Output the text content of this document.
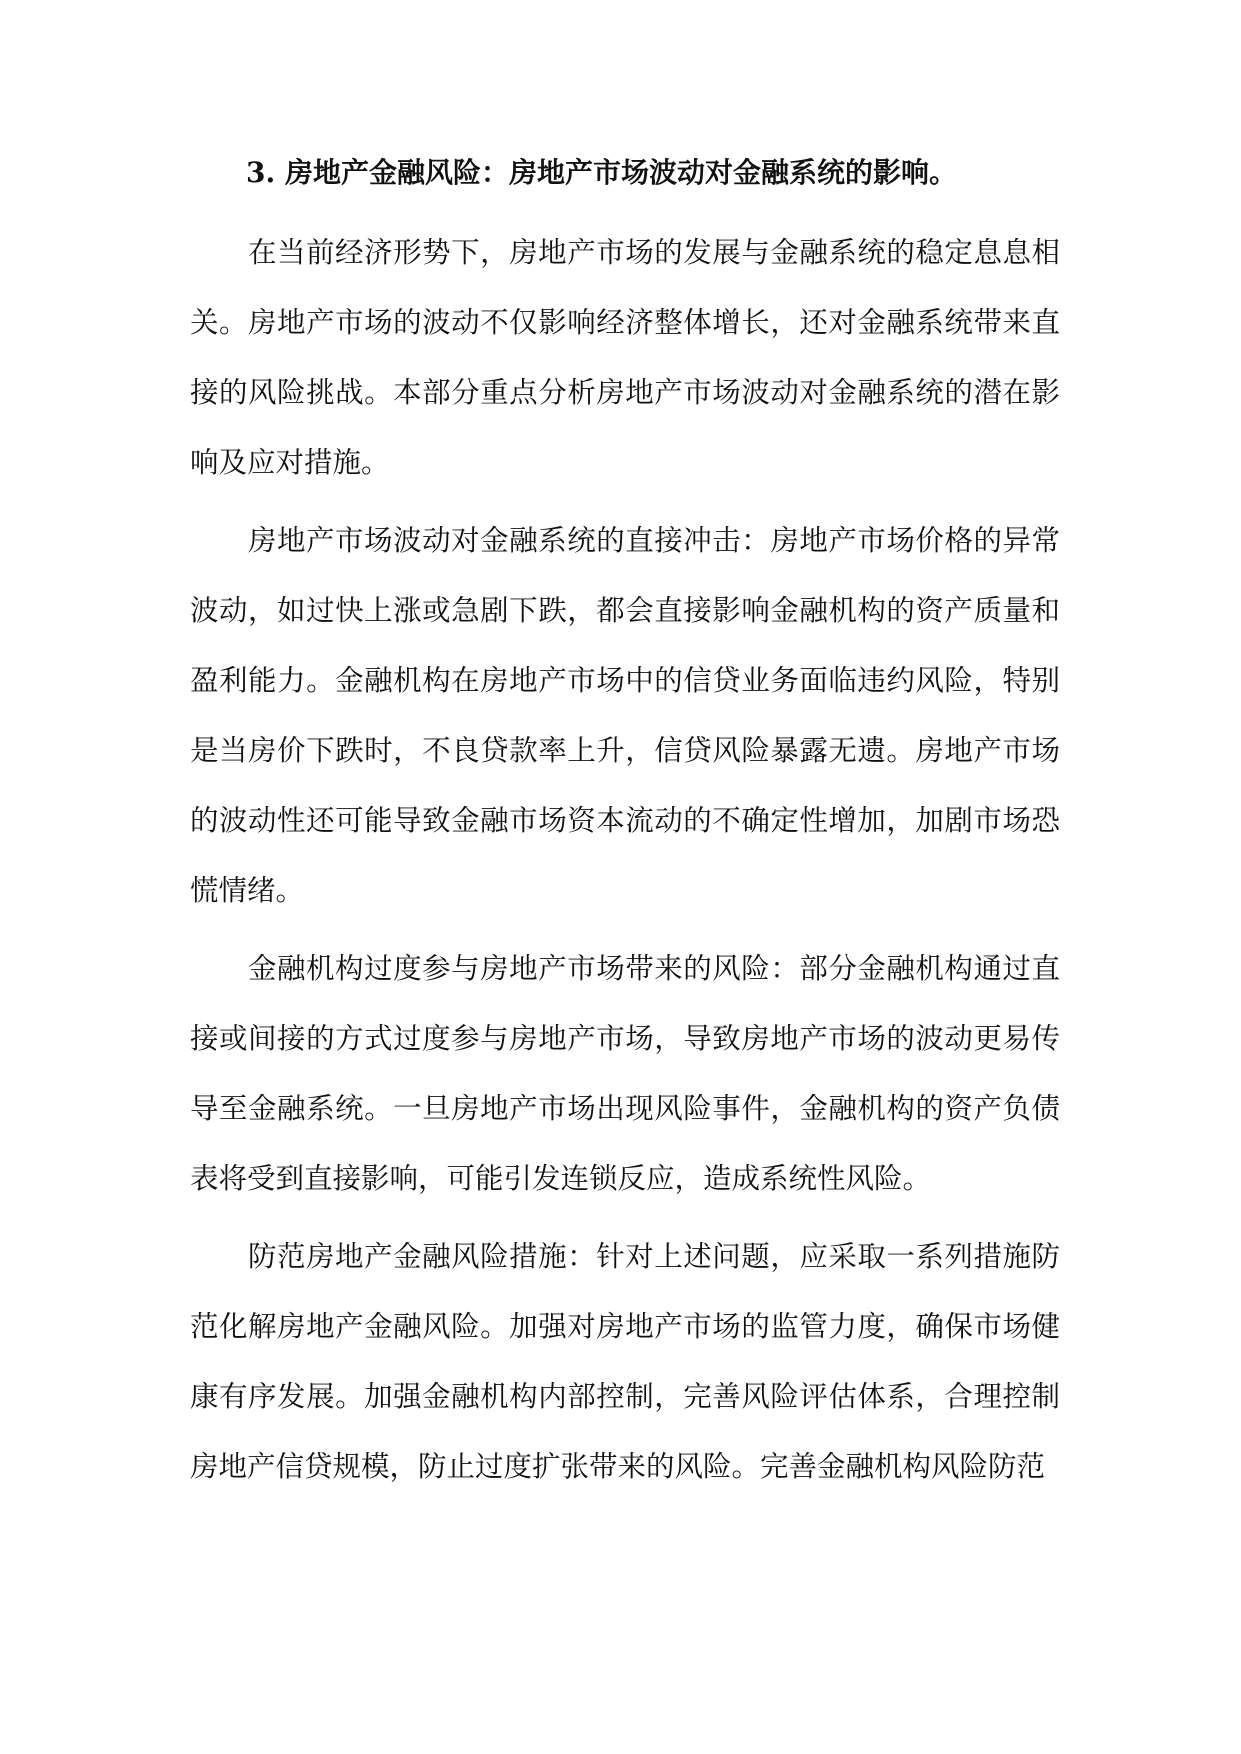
3. 房地产金融风险：房地产市场波动对金融系统的影响。

在当前经济形势下，房地产市场的发展与金融系统的稳定息息相关。房地产市场的波动不仅影响经济整体增长，还对金融系统带来直接的风险挑战。本部分重点分析房地产市场波动对金融系统的潜在影响及应对措施。

房地产市场波动对金融系统的直接冲击：房地产市场价格的异常波动，如过快上涨或急剧下跌，都会直接影响金融机构的资产质量和盈利能力。金融机构在房地产市场中的信贷业务面临违约风险，特别是当房价下跌时，不良贷款率上升，信贷风险暴露无遗。房地产市场的波动性还可能导致金融市场资本流动的不确定性增加，加剧市场恐慌情绪。

金融机构过度参与房地产市场带来的风险：部分金融机构通过直接或间接的方式过度参与房地产市场，导致房地产市场的波动更易传导至金融系统。一旦房地产市场出现风险事件，金融机构的资产负债表将受到直接影响，可能引发连锁反应，造成系统性风险。

防范房地产金融风险措施：针对上述问题，应采取一系列措施防范化解房地产金融风险。加强对房地产市场的监管力度，确保市场健康有序发展。加强金融机构内部控制，完善风险评估体系，合理控制房地产信贷规模，防止过度扩张带来的风险。完善金融机构风险防范
